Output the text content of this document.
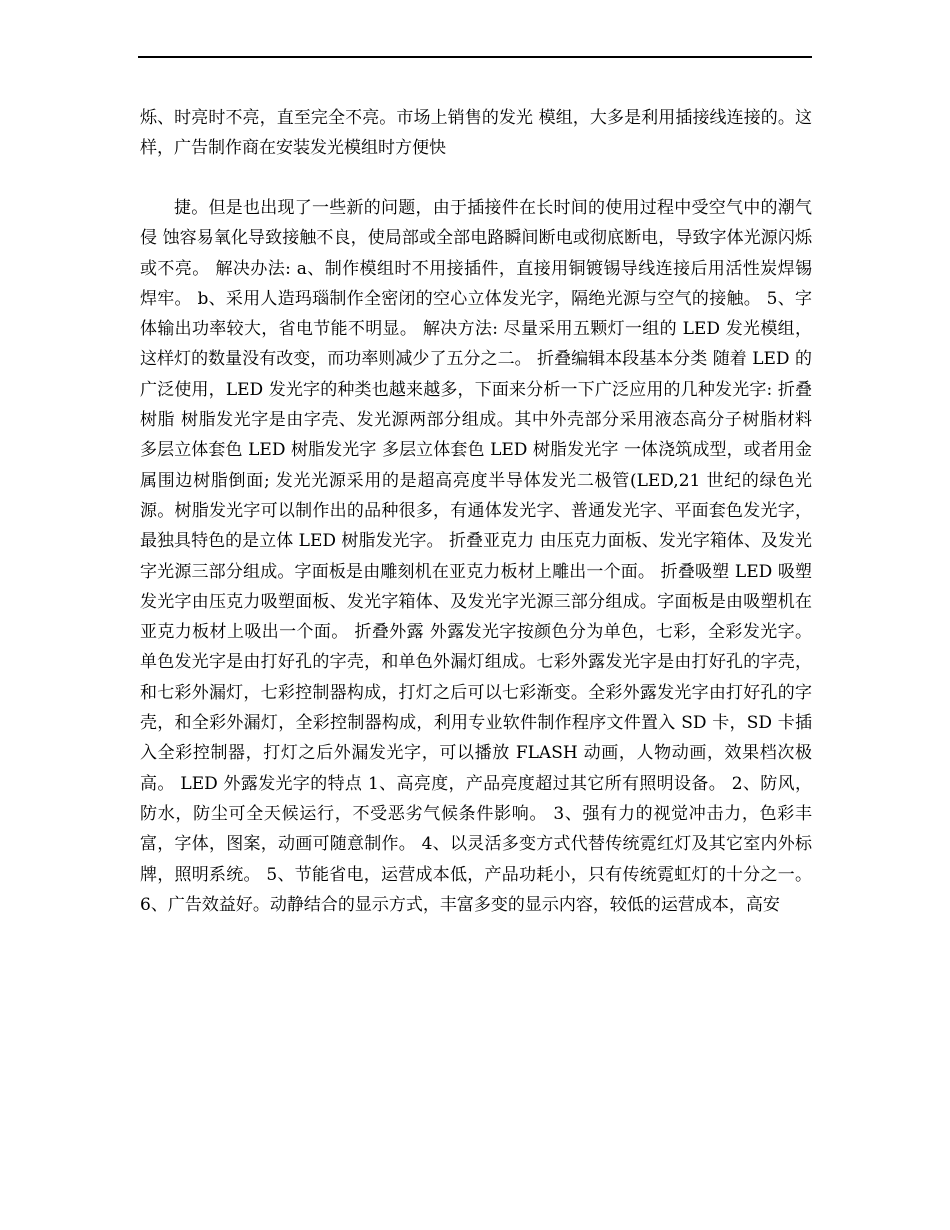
烁、时亮时不亮，直至完全不亮。市场上销售的发光 模组，大多是利用插接线连接的。这样，广告制作商在安装发光模组时方便快

捷。但是也出现了一些新的问题，由于插接件在长时间的使用过程中受空气中的潮气侵 蚀容易氧化导致接触不良，使局部或全部电路瞬间断电或彻底断电，导致字体光源闪烁或不亮。 解决办法: a、制作模组时不用接插件，直接用铜镀锡导线连接后用活性炭焊锡焊牢。 b、采用人造玛瑙制作全密闭的空心立体发光字，隔绝光源与空气的接触。 5、字体输出功率较大，省电节能不明显。 解决方法: 尽量采用五颗灯一组的 LED 发光模组，这样灯的数量没有改变，而功率则减少了五分之二。 折叠编辑本段基本分类 随着 LED 的广泛使用，LED 发光字的种类也越来越多，下面来分析一下广泛应用的几种发光字: 折叠树脂 树脂发光字是由字壳、发光源两部分组成。其中外壳部分采用液态高分子树脂材料 多层立体套色 LED 树脂发光字 多层立体套色 LED 树脂发光字 一体浇筑成型，或者用金属围边树脂倒面; 发光光源采用的是超高亮度半导体发光二极管(LED,21 世纪的绿色光源。树脂发光字可以制作出的品种很多，有通体发光字、普通发光字、平面套色发光字，最独具特色的是立体 LED 树脂发光字。 折叠亚克力 由压克力面板、发光字箱体、及发光字光源三部分组成。字面板是由雕刻机在亚克力板材上雕出一个面。 折叠吸塑 LED 吸塑发光字由压克力吸塑面板、发光字箱体、及发光字光源三部分组成。字面板是由吸塑机在亚克力板材上吸出一个面。 折叠外露 外露发光字按颜色分为单色，七彩，全彩发光字。单色发光字是由打好孔的字壳，和单色外漏灯组成。七彩外露发光字是由打好孔的字壳，和七彩外漏灯，七彩控制器构成，打灯之后可以七彩渐变。全彩外露发光字由打好孔的字壳，和全彩外漏灯，全彩控制器构成，利用专业软件制作程序文件置入 SD 卡，SD 卡插入全彩控制器，打灯之后外漏发光字，可以播放 FLASH 动画，人物动画，效果档次极高。 LED 外露发光字的特点 1、高亮度，产品亮度超过其它所有照明设备。 2、防风，防水，防尘可全天候运行，不受恶劣气候条件影响。 3、强有力的视觉冲击力，色彩丰富，字体，图案，动画可随意制作。 4、以灵活多变方式代替传统霓红灯及其它室内外标牌，照明系统。 5、节能省电，运营成本低，产品功耗小，只有传统霓虹灯的十分之一。 6、广告效益好。动静结合的显示方式，丰富多变的显示内容，较低的运营成本，高安
